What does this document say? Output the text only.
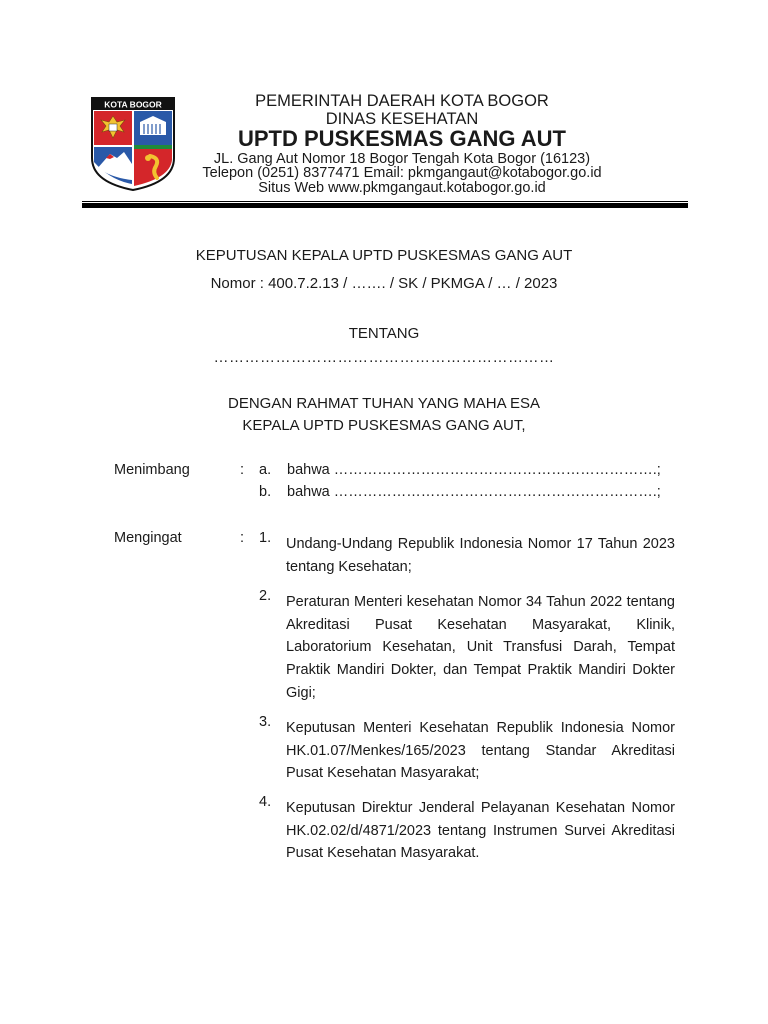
KOTA BOGOR	PEMERINTAH DAERAH KOTA BOGOR
DINAS KESEHATAN
UPTD PUSKESMAS GANG AUT
JL. Gang Aut Nomor 18 Bogor Tengah Kota Bogor (16123)
Telepon (0251) 8377471 Email: pkmgangaut@kotabogor.go.id
Situs Web www.pkmgangaut.kotabogor.go.id
KEPUTUSAN KEPALA UPTD PUSKESMAS GANG AUT
Nomor : 400.7.2.13 / ……. / SK / PKMGA / … / 2023
TENTANG
…………………………………………………………
DENGAN RAHMAT TUHAN YANG MAHA ESA
KEPALA UPTD PUSKESMAS GANG AUT,
Menimbang	: a. bahwa ………………………………………………………….;
b. bahwa ………………………………………………………….;
Mengingat	: 1. Undang-Undang Republik Indonesia Nomor 17 Tahun 2023 tentang Kesehatan;
2. Peraturan Menteri kesehatan Nomor 34 Tahun 2022 tentang Akreditasi Pusat Kesehatan Masyarakat, Klinik, Laboratorium Kesehatan, Unit Transfusi Darah, Tempat Praktik Mandiri Dokter, dan Tempat Praktik Mandiri Dokter Gigi;
3. Keputusan Menteri Kesehatan Republik Indonesia Nomor HK.01.07/Menkes/165/2023 tentang Standar Akreditasi Pusat Kesehatan Masyarakat;
4. Keputusan Direktur Jenderal Pelayanan Kesehatan Nomor HK.02.02/d/4871/2023 tentang Instrumen Survei Akreditasi Pusat Kesehatan Masyarakat.
